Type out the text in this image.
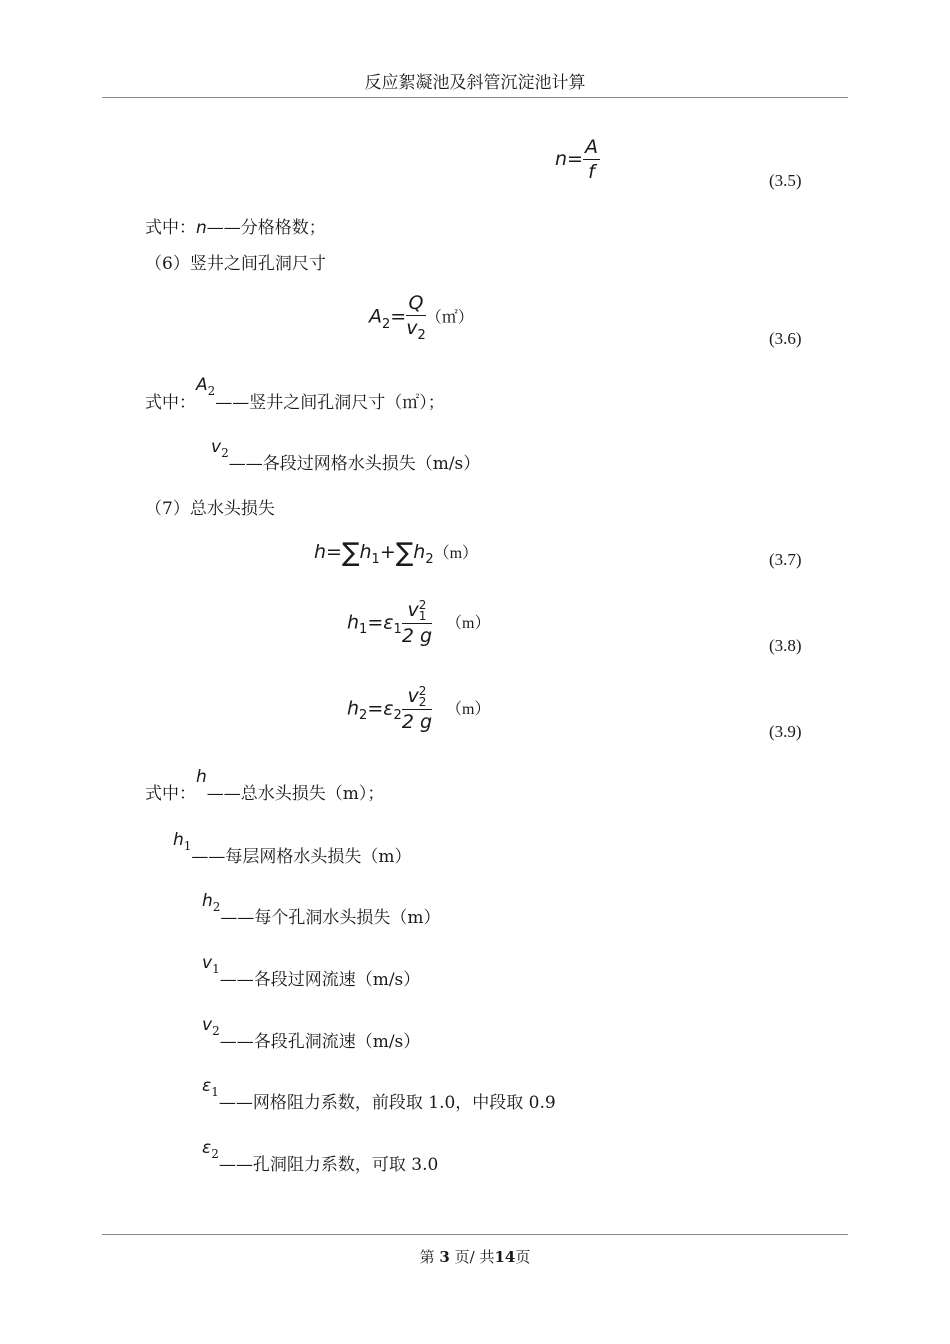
反应絮凝池及斜管沉淀池计算
$n= \frac{A}{f}$	(3.5)
式中：n——分格格数；
（6）竖井之间孔洞尺寸
$A_2= \frac{Q}{v_2}$ （㎡）
(3.6)
式中：$A_2——$竖井之间孔洞尺寸（㎡）；
$v_2——$各段过网格水头损失（m/s）
（7）总水头损失
$h=\sum h_1+\sum h_2(m)$	(3.7)
$h_1=\varepsilon_1$ v 2
1
2 g （m）
(3.8)
$h_2=\varepsilon_2$ v 2
2
2 g （m）
(3.9)
式中：h——总水头损失（m）；
$h_1——$每层网格水头损失（m）
$h_2——$每个孔洞水头损失（m）
$v_1——$各段过网流速（m/s）
$v_2——$各段孔洞流速（m/s）
$\varepsilon_1——$网格阻力系数，前段取 1.0，中段取 0.9
$\varepsilon_2——$孔洞阻力系数，可取 3.0
第 3 页/ 共14页
